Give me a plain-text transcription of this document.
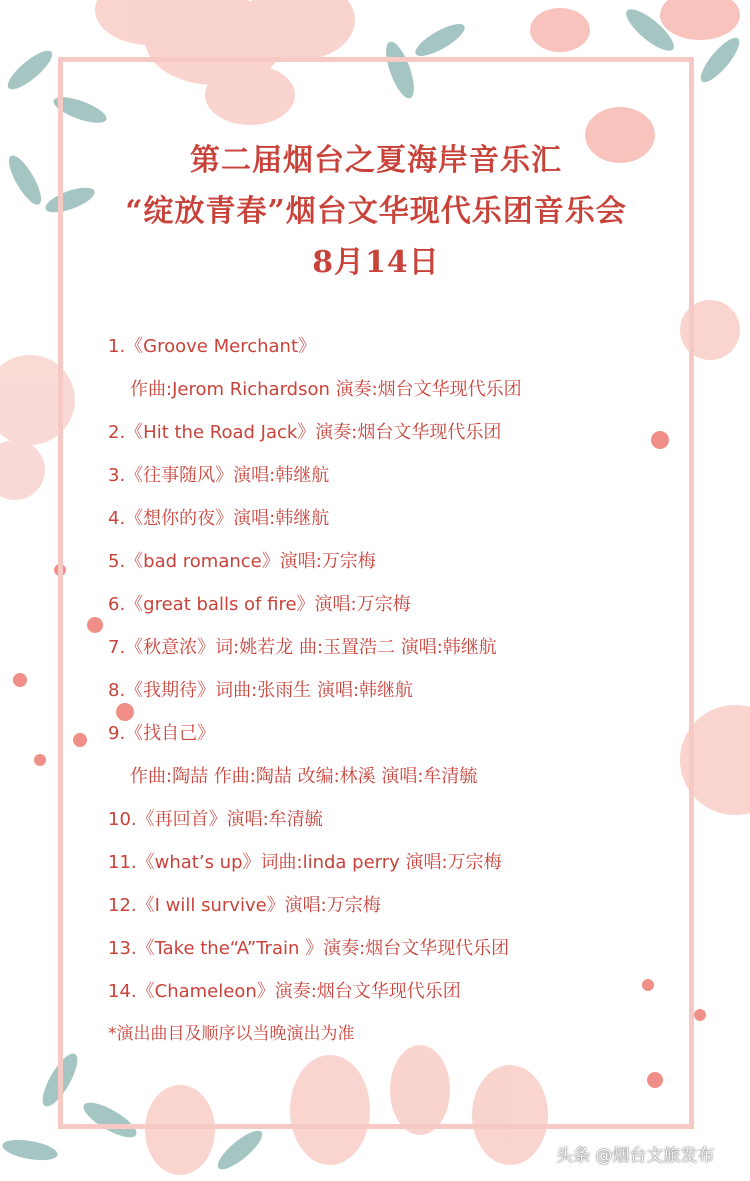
第二届烟台之夏海岸音乐汇
“绽放青春”烟台文华现代乐团音乐会
8月14日
1.《Groove Merchant》
作曲:Jerom Richardson 演奏:烟台文华现代乐团
2.《Hit the Road Jack》演奏:烟台文华现代乐团
3.《往事随风》演唱:韩继航
4.《想你的夜》演唱:韩继航
5.《bad romance》演唱:万宗梅
6.《great balls of fire》演唱:万宗梅
7.《秋意浓》词:姚若龙 曲:玉置浩二 演唱:韩继航
8.《我期待》词曲:张雨生 演唱:韩继航
9.《找自己》
作曲:陶喆 作曲:陶喆 改编:林溪 演唱:牟清毓
10.《再回首》演唱:牟清毓
11.《what’s up》词曲:linda perry 演唱:万宗梅
12.《I will survive》演唱:万宗梅
13.《Take the“A”Train 》演奏:烟台文华现代乐团
14.《Chameleon》演奏:烟台文华现代乐团
*演出曲目及顺序以当晚演出为准
头条 @烟台文旅发布
